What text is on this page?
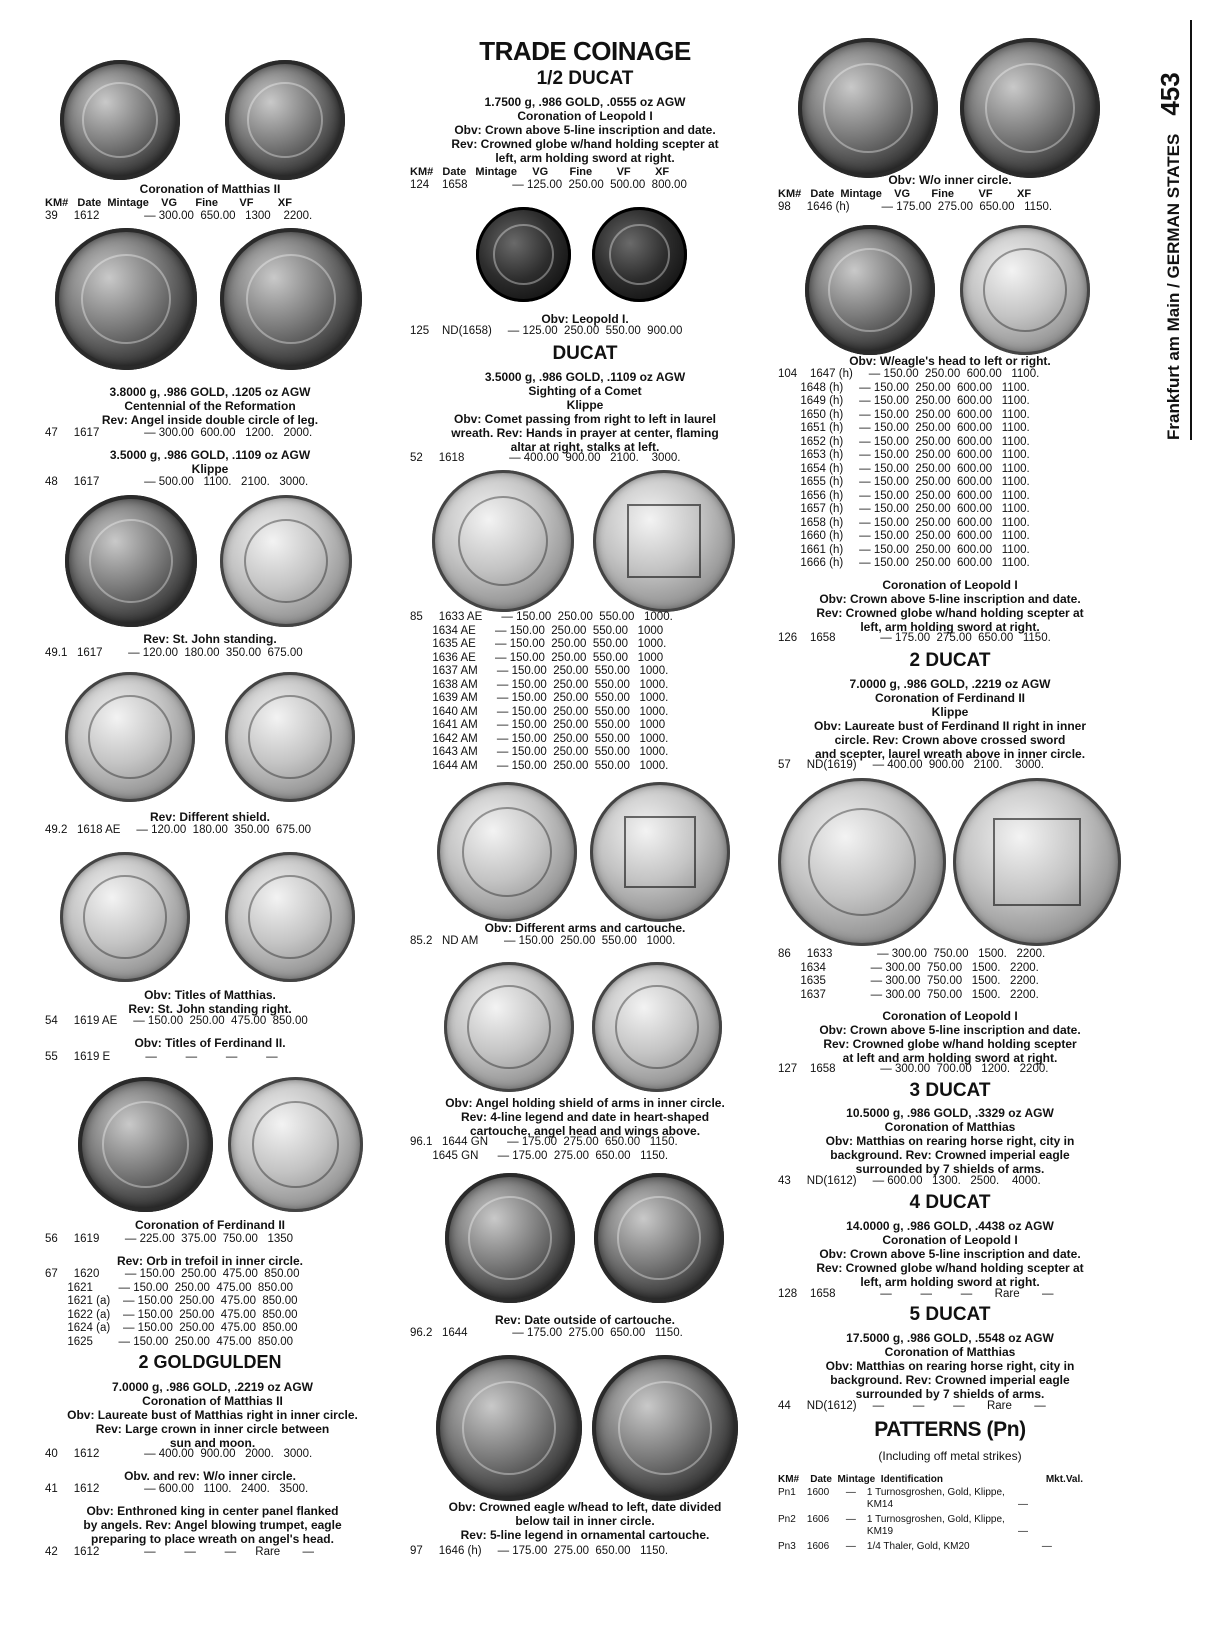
Frankfurt am Main / GERMAN STATES453
Coronation of Matthias II
KM#   Date  Mintage    VG      Fine       VF        XF
39     1612              — 300.00  650.00   1300    2200.
3.8000 g, .986 GOLD, .1205 oz AGW
Centennial of the Reformation
Rev: Angel inside double circle of leg.
47     1617              — 300.00  600.00   1200.   2000.
3.5000 g, .986 GOLD, .1109 oz AGW
Klippe
48     1617              — 500.00   1100.   2100.   3000.
Rev: St. John standing.
49.1   1617        — 120.00  180.00  350.00  675.00
Rev: Different shield.
49.2   1618 AE     — 120.00  180.00  350.00  675.00
Obv: Titles of Matthias.
Rev: St. John standing right.
54     1619 AE     — 150.00  250.00  475.00  850.00
Obv: Titles of Ferdinand II.
55     1619 E           —         —         —         —
Coronation of Ferdinand II
56     1619        — 225.00  375.00  750.00   1350
Rev: Orb in trefoil in inner circle.
67     1620        — 150.00  250.00  475.00  850.00
1621        — 150.00  250.00  475.00  850.00
1621 (a)    — 150.00  250.00  475.00  850.00
1622 (a)    — 150.00  250.00  475.00  850.00
1624 (a)    — 150.00  250.00  475.00  850.00
1625        — 150.00  250.00  475.00  850.00
2 GOLDGULDEN
7.0000 g, .986 GOLD, .2219 oz AGW
Coronation of Matthias II
Obv: Laureate bust of Matthias right in inner circle.
Rev: Large crown in inner circle between
sun and moon.
40     1612              — 400.00  900.00   2000.   3000.
Obv. and rev: W/o inner circle.
41     1612              — 600.00   1100.   2400.   3500.
Obv: Enthroned king in center panel flanked
by angels. Rev: Angel blowing trumpet, eagle
preparing to place wreath on angel's head.
42     1612              —         —         —      Rare       —
TRADE COINAGE
1/2 DUCAT
1.7500 g, .986 GOLD, .0555 oz AGW
Coronation of Leopold I
Obv: Crown above 5-line inscription and date.
Rev: Crowned globe w/hand holding scepter at
left, arm holding sword at right.
KM#   Date   Mintage     VG       Fine        VF        XF
124    1658              — 125.00  250.00  500.00  800.00
Obv: Leopold I.
125    ND(1658)     — 125.00  250.00  550.00  900.00
DUCAT
3.5000 g, .986 GOLD, .1109 oz AGW
Sighting of a Comet
Klippe
Obv: Comet passing from right to left in laurel
wreath. Rev: Hands in prayer at center, flaming
altar at right, stalks at left.
52     1618              — 400.00  900.00   2100.    3000.
85     1633 AE      — 150.00  250.00  550.00   1000.
1634 AE      — 150.00  250.00  550.00   1000
1635 AE      — 150.00  250.00  550.00   1000.
1636 AE      — 150.00  250.00  550.00   1000
1637 AM      — 150.00  250.00  550.00   1000.
1638 AM      — 150.00  250.00  550.00   1000.
1639 AM      — 150.00  250.00  550.00   1000.
1640 AM      — 150.00  250.00  550.00   1000.
1641 AM      — 150.00  250.00  550.00   1000
1642 AM      — 150.00  250.00  550.00   1000.
1643 AM      — 150.00  250.00  550.00   1000.
1644 AM      — 150.00  250.00  550.00   1000.
Obv: Different arms and cartouche.
85.2   ND AM        — 150.00  250.00  550.00   1000.
Obv: Angel holding shield of arms in inner circle.
Rev: 4-line legend and date in heart-shaped
cartouche, angel head and wings above.
96.1   1644 GN      — 175.00  275.00  650.00   1150.
1645 GN      — 175.00  275.00  650.00   1150.
Rev: Date outside of cartouche.
96.2   1644              — 175.00  275.00  650.00   1150.
Obv: Crowned eagle w/head to left, date divided
below tail in inner circle.
Rev: 5-line legend in ornamental cartouche.
97     1646 (h)     — 175.00  275.00  650.00   1150.
Obv: W/o inner circle.
KM#   Date  Mintage    VG       Fine        VF        XF
98     1646 (h)          — 175.00  275.00  650.00   1150.
Obv: W/eagle's head to left or right.
104    1647 (h)     — 150.00  250.00  600.00   1100.
1648 (h)     — 150.00  250.00  600.00   1100.
1649 (h)     — 150.00  250.00  600.00   1100.
1650 (h)     — 150.00  250.00  600.00   1100.
1651 (h)     — 150.00  250.00  600.00   1100.
1652 (h)     — 150.00  250.00  600.00   1100.
1653 (h)     — 150.00  250.00  600.00   1100.
1654 (h)     — 150.00  250.00  600.00   1100.
1655 (h)     — 150.00  250.00  600.00   1100.
1656 (h)     — 150.00  250.00  600.00   1100.
1657 (h)     — 150.00  250.00  600.00   1100.
1658 (h)     — 150.00  250.00  600.00   1100.
1660 (h)     — 150.00  250.00  600.00   1100.
1661 (h)     — 150.00  250.00  600.00   1100.
1666 (h)     — 150.00  250.00  600.00   1100.
Coronation of Leopold I
Obv: Crown above 5-line inscription and date.
Rev: Crowned globe w/hand holding scepter at
left, arm holding sword at right.
126    1658              — 175.00  275.00  650.00   1150.
2 DUCAT
7.0000 g, .986 GOLD, .2219 oz AGW
Coronation of Ferdinand II
Klippe
Obv: Laureate bust of Ferdinand II right in inner
circle. Rev: Crown above crossed sword
and scepter, laurel wreath above in inner circle.
57     ND(1619)     — 400.00  900.00   2100.    3000.
86     1633              — 300.00  750.00   1500.   2200.
1634              — 300.00  750.00   1500.   2200.
1635              — 300.00  750.00   1500.   2200.
1637              — 300.00  750.00   1500.   2200.
Coronation of Leopold I
Obv: Crown above 5-line inscription and date.
Rev: Crowned globe w/hand holding scepter
at left and arm holding sword at right.
127    1658              — 300.00  700.00   1200.   2200.
3 DUCAT
10.5000 g, .986 GOLD, .3329 oz AGW
Coronation of Matthias
Obv: Matthias on rearing horse right, city in
background. Rev: Crowned imperial eagle
surrounded by 7 shields of arms.
43     ND(1612)     — 600.00   1300.   2500.    4000.
4 DUCAT
14.0000 g, .986 GOLD, .4438 oz AGW
Coronation of Leopold I
Obv: Crown above 5-line inscription and date.
Rev: Crowned globe w/hand holding scepter at
left, arm holding sword at right.
128    1658              —         —         —       Rare       —
5 DUCAT
17.5000 g, .986 GOLD, .5548 oz AGW
Coronation of Matthias
Obv: Matthias on rearing horse right, city in
background. Rev: Crowned imperial eagle
surrounded by 7 shields of arms.
44     ND(1612)     —         —         —       Rare       —
PATTERNS (Pn)
(Including off metal strikes)
KM#    Date  Mintage  Identification                                     Mkt.Val.
Pn1    1600      —    1 Turnosgroshen, Gold, Klippe,
KM14                                             —
Pn2    1606      —    1 Turnosgroshen, Gold, Klippe,
KM19                                             —
Pn3    1606      —    1/4 Thaler, Gold, KM20                          —
